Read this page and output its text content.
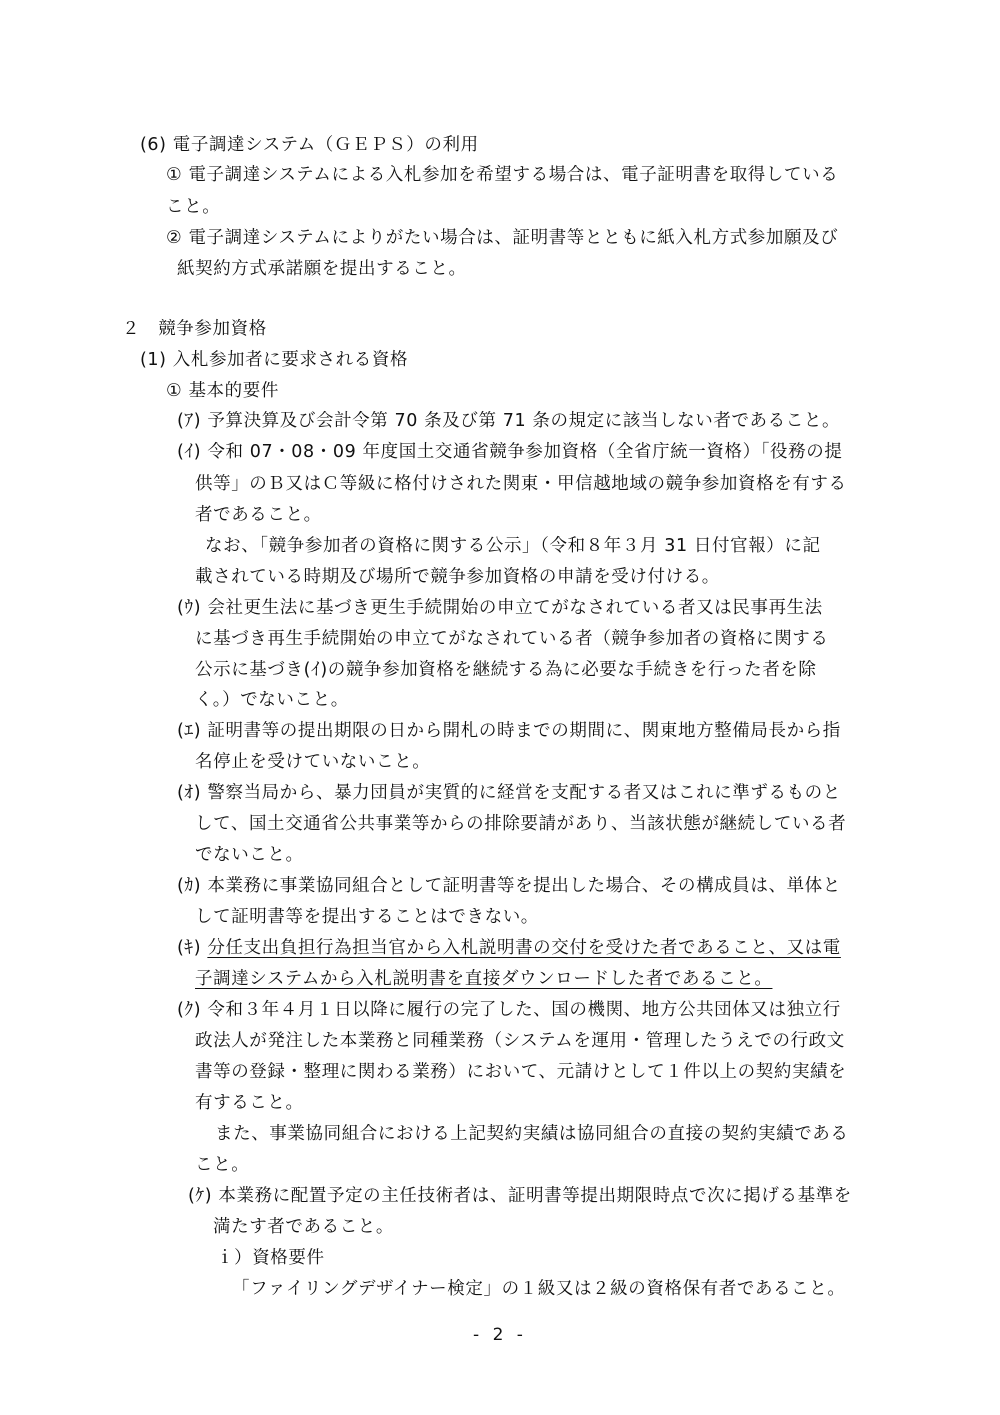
(6) 電子調達システム（ＧＥＰＳ）の利用
① 電子調達システムによる入札参加を希望する場合は、電子証明書を取得している
こと。
② 電子調達システムによりがたい場合は、証明書等とともに紙入札方式参加願及び
紙契約方式承諾願を提出すること。
２　競争参加資格
(1) 入札参加者に要求される資格
① 基本的要件
(ｱ) 予算決算及び会計令第 70 条及び第 71 条の規定に該当しない者であること。
(ｲ) 令和 07・08・09 年度国土交通省競争参加資格（全省庁統一資格）「役務の提
供等」のＢ又はＣ等級に格付けされた関東・甲信越地域の競争参加資格を有する
者であること。
なお、「競争参加者の資格に関する公示」（令和８年３月 31 日付官報）に記
載されている時期及び場所で競争参加資格の申請を受け付ける。
(ｳ) 会社更生法に基づき更生手続開始の申立てがなされている者又は民事再生法
に基づき再生手続開始の申立てがなされている者（競争参加者の資格に関する
公示に基づき(ｲ)の競争参加資格を継続する為に必要な手続きを行った者を除
く。）でないこと。
(ｴ) 証明書等の提出期限の日から開札の時までの期間に、関東地方整備局長から指
名停止を受けていないこと。
(ｵ) 警察当局から、暴力団員が実質的に経営を支配する者又はこれに準ずるものと
して、国土交通省公共事業等からの排除要請があり、当該状態が継続している者
でないこと。
(ｶ) 本業務に事業協同組合として証明書等を提出した場合、その構成員は、単体と
して証明書等を提出することはできない。
(ｷ) 分任支出負担行為担当官から入札説明書の交付を受けた者であること、又は電
子調達システムから入札説明書を直接ダウンロードした者であること。
(ｸ) 令和３年４月１日以降に履行の完了した、国の機関、地方公共団体又は独立行
政法人が発注した本業務と同種業務（システムを運用・管理したうえでの行政文
書等の登録・整理に関わる業務）において、元請けとして１件以上の契約実績を
有すること。
また、事業協同組合における上記契約実績は協同組合の直接の契約実績である
こと。
(ｹ) 本業務に配置予定の主任技術者は、証明書等提出期限時点で次に掲げる基準を
満たす者であること。
ｉ）資格要件
「ファイリングデザイナー検定」の１級又は２級の資格保有者であること。
- 2 -
